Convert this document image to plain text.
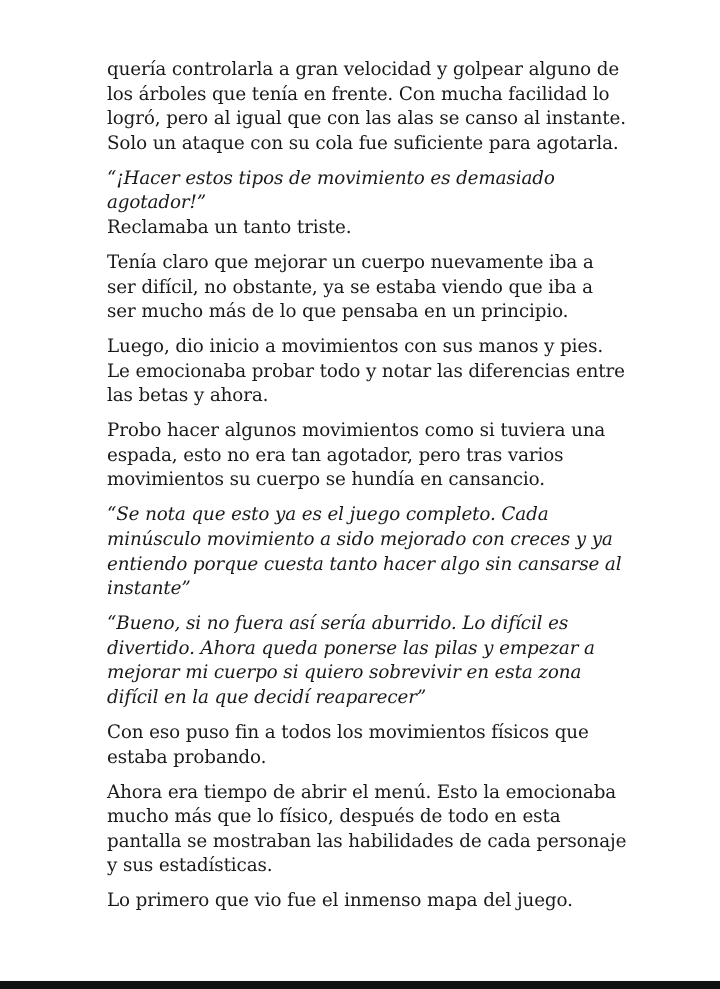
quería controlarla a gran velocidad y golpear alguno de los árboles que tenía en frente. Con mucha facilidad lo logró, pero al igual que con las alas se canso al instante. Solo un ataque con su cola fue suficiente para agotarla.

“¡Hacer estos tipos de movimiento es demasiado agotador!”
Reclamaba un tanto triste.

Tenía claro que mejorar un cuerpo nuevamente iba a ser difícil, no obstante, ya se estaba viendo que iba a ser mucho más de lo que pensaba en un principio.

Luego, dio inicio a movimientos con sus manos y pies. Le emocionaba probar todo y notar las diferencias entre las betas y ahora.

Probo hacer algunos movimientos como si tuviera una espada, esto no era tan agotador, pero tras varios movimientos su cuerpo se hundía en cansancio.

“Se nota que esto ya es el juego completo. Cada minúsculo movimiento a sido mejorado con creces y ya entiendo porque cuesta tanto hacer algo sin cansarse al instante”

“Bueno, si no fuera así sería aburrido. Lo difícil es divertido. Ahora queda ponerse las pilas y empezar a mejorar mi cuerpo si quiero sobrevivir en esta zona difícil en la que decidí reaparecer”

Con eso puso fin a todos los movimientos físicos que estaba probando.

Ahora era tiempo de abrir el menú. Esto la emocionaba mucho más que lo físico, después de todo en esta pantalla se mostraban las habilidades de cada personaje y sus estadísticas.

Lo primero que vio fue el inmenso mapa del juego.
